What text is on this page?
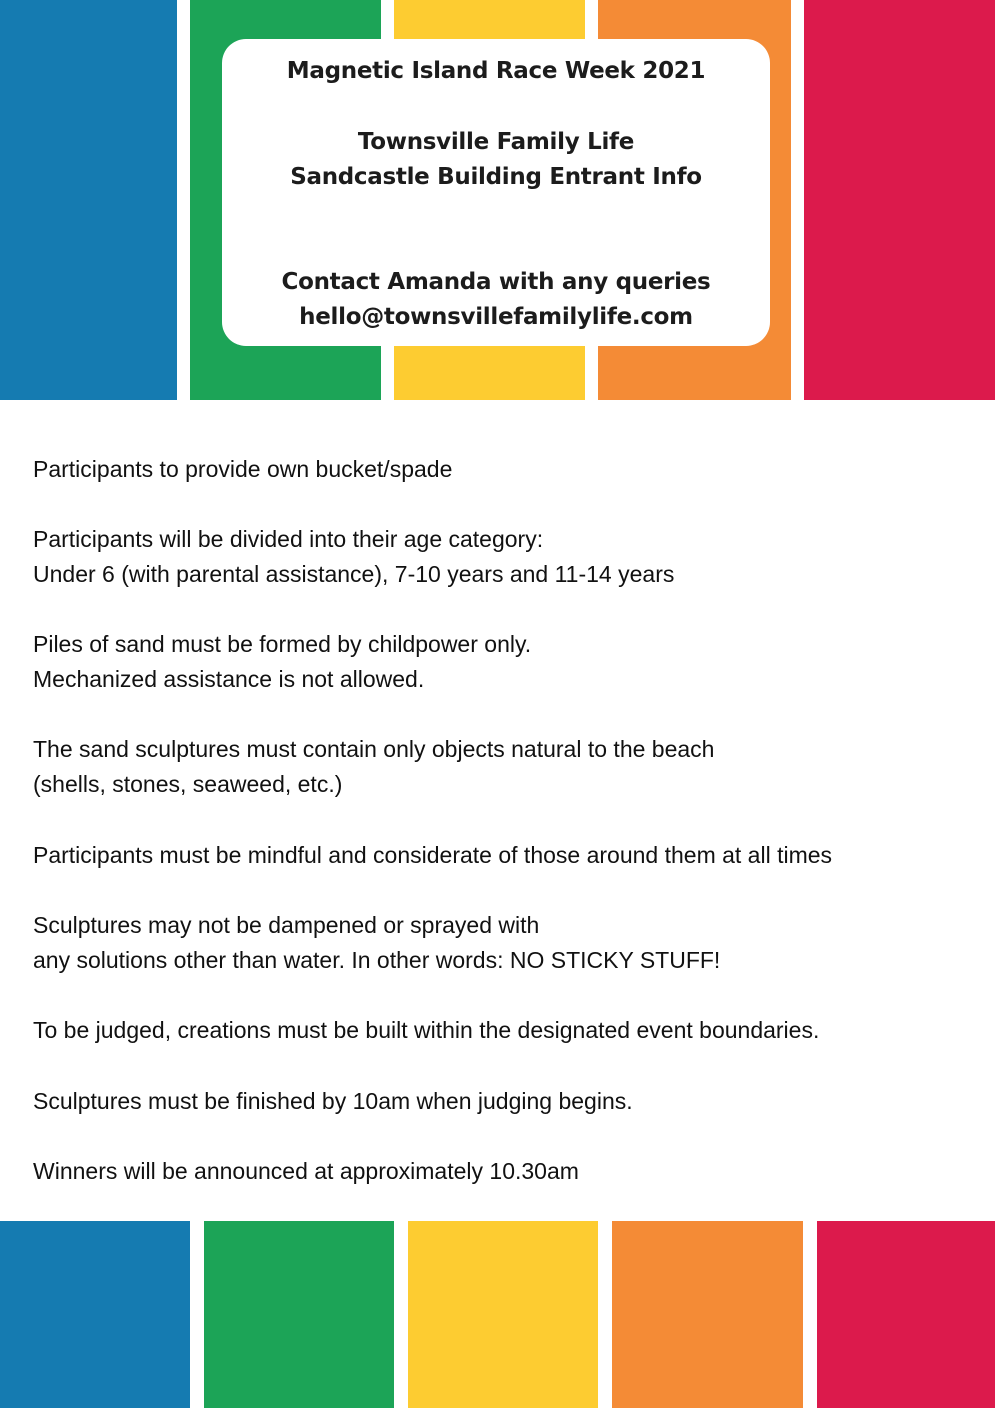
Magnetic Island Race Week 2021
Townsville Family Life
Sandcastle Building Entrant Info
Contact Amanda with any queries
hello@townsvillefamilylife.com
Participants to provide own bucket/spade
Participants will be divided into their age category:
Under 6 (with parental assistance), 7-10 years and 11-14 years
Piles of sand must be formed by childpower only.
Mechanized assistance is not allowed.
The sand sculptures must contain only objects natural to the beach
(shells, stones, seaweed, etc.)
Participants must be mindful and considerate of those around them at all times
Sculptures may not be dampened or sprayed with
any solutions other than water. In other words: NO STICKY STUFF!
To be judged, creations must be built within the designated event boundaries.
Sculptures must be finished by 10am when judging begins.
Winners will be announced at approximately 10.30am
